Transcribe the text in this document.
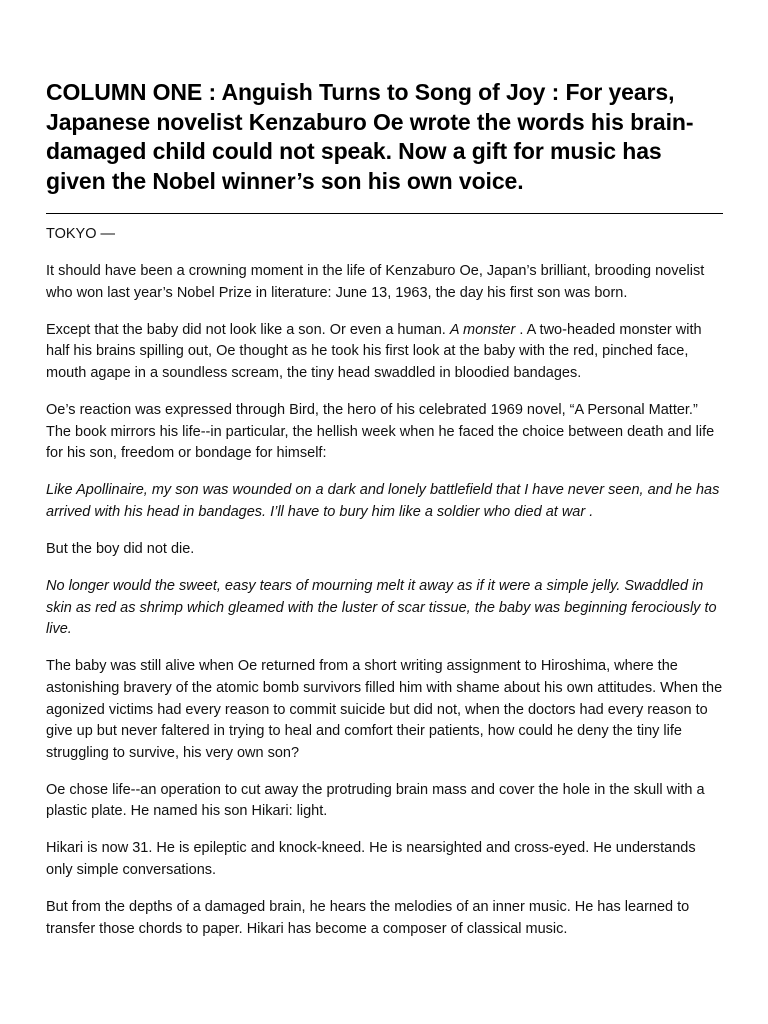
COLUMN ONE : Anguish Turns to Song of Joy : For years, Japanese novelist Kenzaburo Oe wrote the words his brain-damaged child could not speak. Now a gift for music has given the Nobel winner’s son his own voice.
TOKYO —

It should have been a crowning moment in the life of Kenzaburo Oe, Japan’s brilliant, brooding novelist who won last year’s Nobel Prize in literature: June 13, 1963, the day his first son was born.

Except that the baby did not look like a son. Or even a human. A monster . A two-headed monster with half his brains spilling out, Oe thought as he took his first look at the baby with the red, pinched face, mouth agape in a soundless scream, the tiny head swaddled in bloodied bandages.

Oe’s reaction was expressed through Bird, the hero of his celebrated 1969 novel, “A Personal Matter.” The book mirrors his life--in particular, the hellish week when he faced the choice between death and life for his son, freedom or bondage for himself:

Like Apollinaire, my son was wounded on a dark and lonely battlefield that I have never seen, and he has arrived with his head in bandages. I’ll have to bury him like a soldier who died at war .

But the boy did not die.

No longer would the sweet, easy tears of mourning melt it away as if it were a simple jelly. Swaddled in skin as red as shrimp which gleamed with the luster of scar tissue, the baby was beginning ferociously to live.

The baby was still alive when Oe returned from a short writing assignment to Hiroshima, where the astonishing bravery of the atomic bomb survivors filled him with shame about his own attitudes. When the agonized victims had every reason to commit suicide but did not, when the doctors had every reason to give up but never faltered in trying to heal and comfort their patients, how could he deny the tiny life struggling to survive, his very own son?

Oe chose life--an operation to cut away the protruding brain mass and cover the hole in the skull with a plastic plate. He named his son Hikari: light.

Hikari is now 31. He is epileptic and knock-kneed. He is nearsighted and cross-eyed. He understands only simple conversations.

But from the depths of a damaged brain, he hears the melodies of an inner music. He has learned to transfer those chords to paper. Hikari has become a composer of classical music.
